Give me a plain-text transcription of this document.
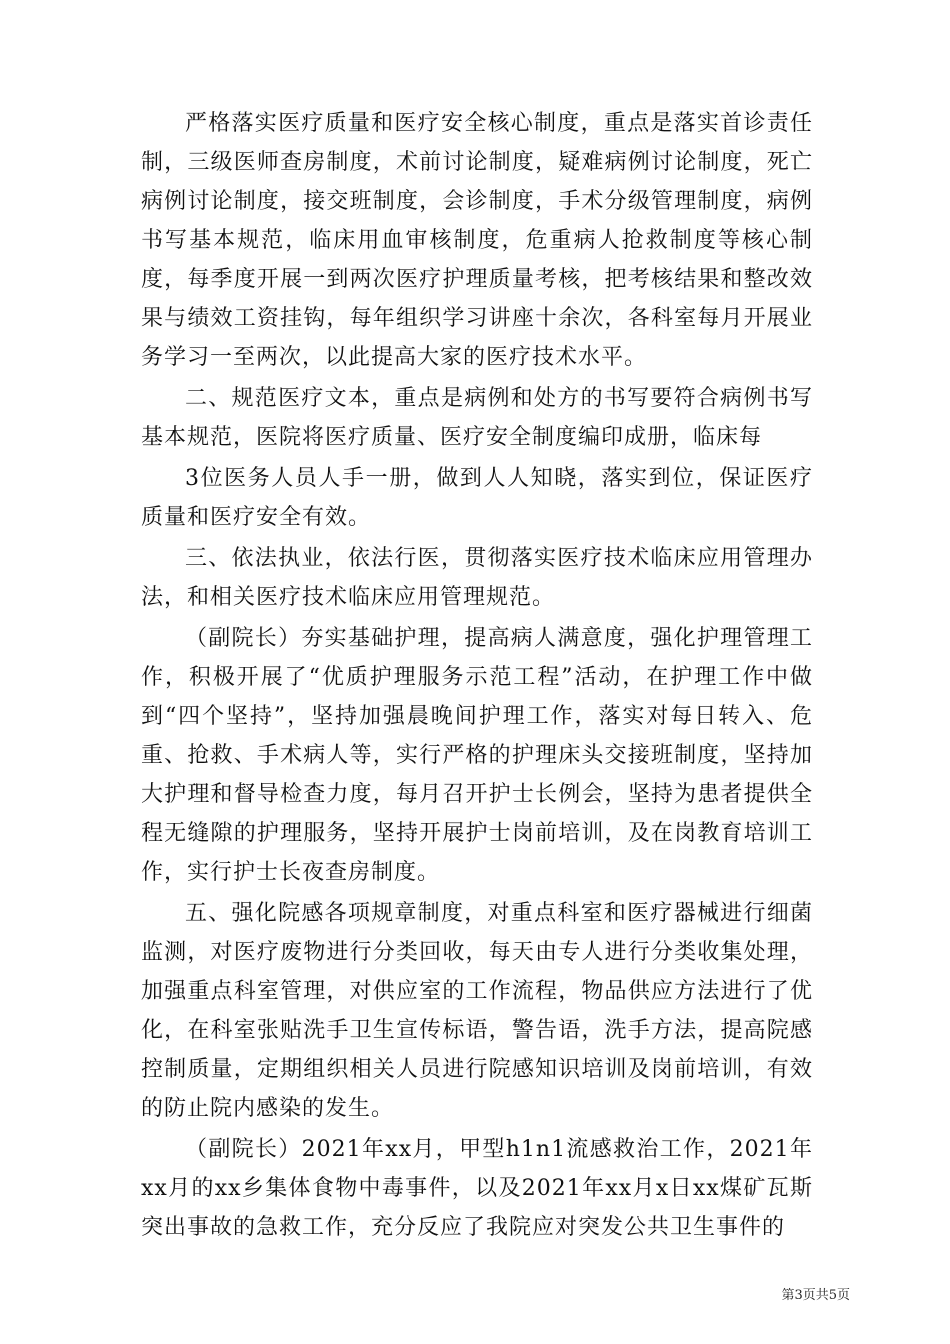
严格落实医疗质量和医疗安全核心制度，重点是落实首诊责任制，三级医师查房制度，术前讨论制度，疑难病例讨论制度，死亡病例讨论制度，接交班制度，会诊制度，手术分级管理制度，病例书写基本规范，临床用血审核制度，危重病人抢救制度等核心制度，每季度开展一到两次医疗护理质量考核，把考核结果和整改效果与绩效工资挂钩，每年组织学习讲座十余次，各科室每月开展业务学习一至两次，以此提高大家的医疗技术水平。

二、规范医疗文本，重点是病例和处方的书写要符合病例书写基本规范，医院将医疗质量、医疗安全制度编印成册，临床每

3位医务人员人手一册，做到人人知晓，落实到位，保证医疗质量和医疗安全有效。

三、依法执业，依法行医，贯彻落实医疗技术临床应用管理办法，和相关医疗技术临床应用管理规范。

（副院长）夯实基础护理，提高病人满意度，强化护理管理工作，积极开展了“优质护理服务示范工程”活动，在护理工作中做到“四个坚持”，坚持加强晨晚间护理工作，落实对每日转入、危重、抢救、手术病人等，实行严格的护理床头交接班制度，坚持加大护理和督导检查力度，每月召开护士长例会，坚持为患者提供全程无缝隙的护理服务，坚持开展护士岗前培训，及在岗教育培训工作，实行护士长夜查房制度。

五、强化院感各项规章制度，对重点科室和医疗器械进行细菌监测，对医疗废物进行分类回收，每天由专人进行分类收集处理，加强重点科室管理，对供应室的工作流程，物品供应方法进行了优化，在科室张贴洗手卫生宣传标语，警告语，洗手方法，提高院感控制质量，定期组织相关人员进行院感知识培训及岗前培训，有效的防止院内感染的发生。

（副院长）2021年xx月，甲型h1n1流感救治工作，2021年xx月的xx乡集体食物中毒事件，以及2021年xx月x日xx煤矿瓦斯突出事故的急救工作，充分反应了我院应对突发公共卫生事件的

第3页共5页
